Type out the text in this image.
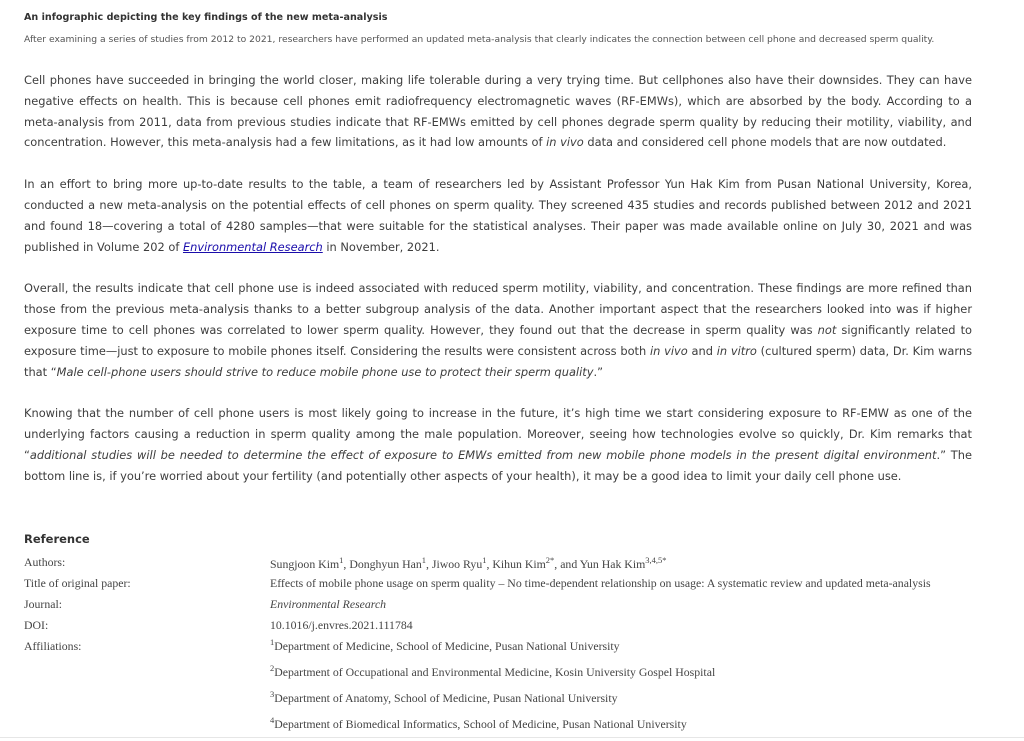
An infographic depicting the key findings of the new meta-analysis
After examining a series of studies from 2012 to 2021, researchers have performed an updated meta-analysis that clearly indicates the connection between cell phone and decreased sperm quality.

Cell phones have succeeded in bringing the world closer, making life tolerable during a very trying time. But cellphones also have their downsides. They can have negative effects on health. This is because cell phones emit radiofrequency electromagnetic waves (RF-EMWs), which are absorbed by the body. According to a meta-analysis from 2011, data from previous studies indicate that RF-EMWs emitted by cell phones degrade sperm quality by reducing their motility, viability, and concentration. However, this meta-analysis had a few limitations, as it had low amounts of in vivo data and considered cell phone models that are now outdated.

In an effort to bring more up-to-date results to the table, a team of researchers led by Assistant Professor Yun Hak Kim from Pusan National University, Korea, conducted a new meta-analysis on the potential effects of cell phones on sperm quality. They screened 435 studies and records published between 2012 and 2021 and found 18—covering a total of 4280 samples—that were suitable for the statistical analyses. Their paper was made available online on July 30, 2021 and was published in Volume 202 of Environmental Research in November, 2021.

Overall, the results indicate that cell phone use is indeed associated with reduced sperm motility, viability, and concentration. These findings are more refined than those from the previous meta-analysis thanks to a better subgroup analysis of the data. Another important aspect that the researchers looked into was if higher exposure time to cell phones was correlated to lower sperm quality. However, they found out that the decrease in sperm quality was not significantly related to exposure time—just to exposure to mobile phones itself. Considering the results were consistent across both in vivo and in vitro (cultured sperm) data, Dr. Kim warns that “Male cell-phone users should strive to reduce mobile phone use to protect their sperm quality.”

Knowing that the number of cell phone users is most likely going to increase in the future, it’s high time we start considering exposure to RF-EMW as one of the underlying factors causing a reduction in sperm quality among the male population. Moreover, seeing how technologies evolve so quickly, Dr. Kim remarks that “additional studies will be needed to determine the effect of exposure to EMWs emitted from new mobile phone models in the present digital environment.” The bottom line is, if you’re worried about your fertility (and potentially other aspects of your health), it may be a good idea to limit your daily cell phone use.

Reference
Authors:	Sungjoon Kim$^1$, Donghyun Han$^1$, Jiwoo Ryu$^1$, Kihun Kim$^{2*}$, and Yun Hak Kim$^{3,4,5*}$
Title of original paper:	Effects of mobile phone usage on sperm quality – No time-dependent relationship on usage: A systematic review and updated meta-analysis
Journal:	Environmental Research
DOI:	10.1016/j.envres.2021.111784
Affiliations:	$^1$Department of Medicine, School of Medicine, Pusan National University
$^2$Department of Occupational and Environmental Medicine, Kosin University Gospel Hospital
$^3$Department of Anatomy, School of Medicine, Pusan National University
$^4$Department of Biomedical Informatics, School of Medicine, Pusan National University
